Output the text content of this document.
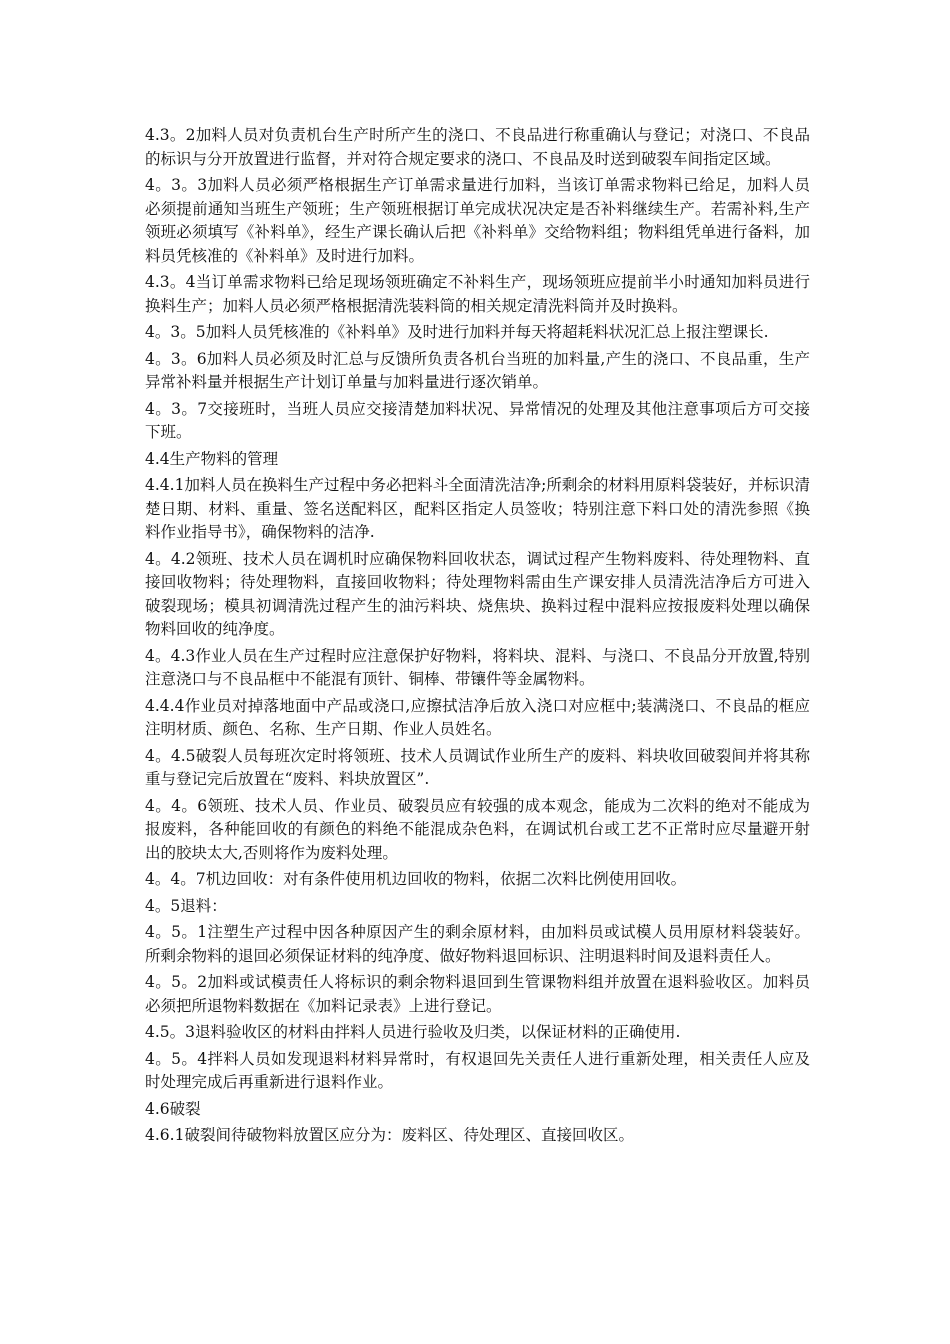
4.3。2加料人员对负责机台生产时所产生的浇口、不良品进行称重确认与登记；对浇口、不良品的标识与分开放置进行监督，并对符合规定要求的浇口、不良品及时送到破裂车间指定区域。

4。3。3加料人员必须严格根据生产订单需求量进行加料，当该订单需求物料已给足，加料人员必须提前通知当班生产领班；生产领班根据订单完成状况决定是否补料继续生产。若需补料,生产领班必须填写《补料单》，经生产课长确认后把《补料单》交给物料组；物料组凭单进行备料，加料员凭核准的《补料单》及时进行加料。

4.3。4当订单需求物料已给足现场领班确定不补料生产，现场领班应提前半小时通知加料员进行换料生产；加料人员必须严格根据清洗装料筒的相关规定清洗料筒并及时换料。

4。3。5加料人员凭核准的《补料单》及时进行加料并每天将超耗料状况汇总上报注塑课长.

4。3。6加料人员必须及时汇总与反馈所负责各机台当班的加料量,产生的浇口、不良品重，生产异常补料量并根据生产计划订单量与加料量进行逐次销单。

4。3。7交接班时，当班人员应交接清楚加料状况、异常情况的处理及其他注意事项后方可交接下班。

4.4生产物料的管理

4.4.1加料人员在换料生产过程中务必把料斗全面清洗洁净;所剩余的材料用原料袋装好，并标识清楚日期、材料、重量、签名送配料区，配料区指定人员签收；特别注意下料口处的清洗参照《换料作业指导书》，确保物料的洁净.

4。4.2领班、技术人员在调机时应确保物料回收状态，调试过程产生物料废料、待处理物料、直接回收物料；待处理物料，直接回收物料；待处理物料需由生产课安排人员清洗洁净后方可进入破裂现场；模具初调清洗过程产生的油污料块、烧焦块、换料过程中混料应按报废料处理以确保物料回收的纯净度。

4。4.3作业人员在生产过程时应注意保护好物料，将料块、混料、与浇口、不良品分开放置,特别注意浇口与不良品框中不能混有顶针、铜棒、带镶件等金属物料。

4.4.4作业员对掉落地面中产品或浇口,应擦拭洁净后放入浇口对应框中;装满浇口、不良品的框应注明材质、颜色、名称、生产日期、作业人员姓名。

4。4.5破裂人员每班次定时将领班、技术人员调试作业所生产的废料、料块收回破裂间并将其称重与登记完后放置在“废料、料块放置区”.

4。4。6领班、技术人员、作业员、破裂员应有较强的成本观念，能成为二次料的绝对不能成为报废料，各种能回收的有颜色的料绝不能混成杂色料，在调试机台或工艺不正常时应尽量避开射出的胶块太大,否则将作为废料处理。

4。4。7机边回收：对有条件使用机边回收的物料，依据二次料比例使用回收。

4。5退料：

4。5。1注塑生产过程中因各种原因产生的剩余原材料，由加料员或试模人员用原材料袋装好。所剩余物料的退回必须保证材料的纯净度、做好物料退回标识、注明退料时间及退料责任人。

4。5。2加料或试模责任人将标识的剩余物料退回到生管课物料组并放置在退料验收区。加料员必须把所退物料数据在《加料记录表》上进行登记。

4.5。3退料验收区的材料由拌料人员进行验收及归类，以保证材料的正确使用.

4。5。4拌料人员如发现退料材料异常时，有权退回先关责任人进行重新处理，相关责任人应及时处理完成后再重新进行退料作业。

4.6破裂

4.6.1破裂间待破物料放置区应分为：废料区、待处理区、直接回收区。
